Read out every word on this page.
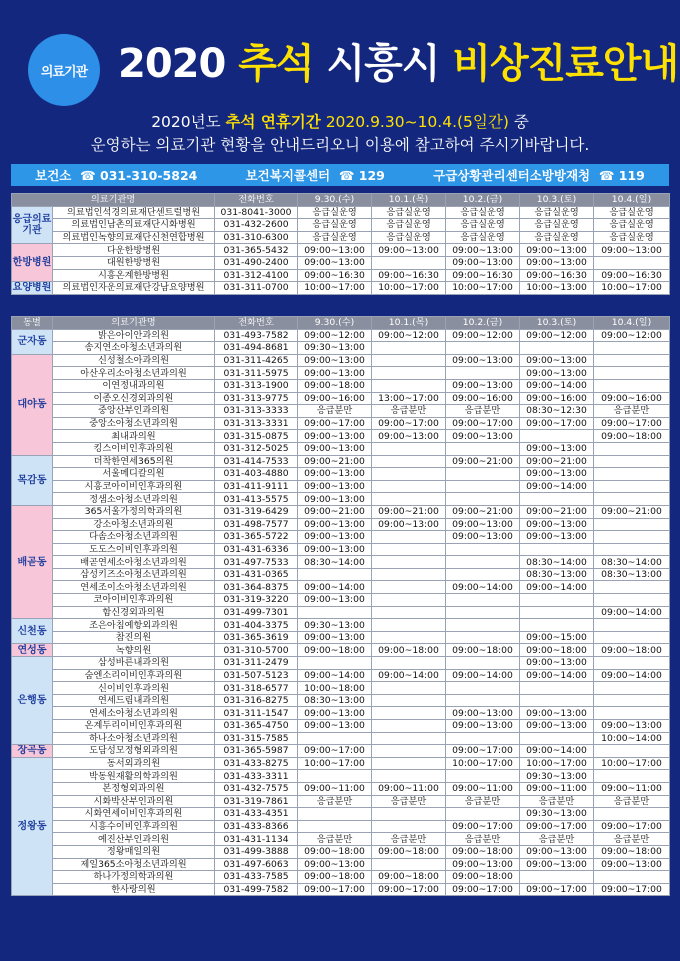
의료기관 2020 추석 시흥시 비상진료안내
2020년도 추석 연휴기간 2020.9.30~10.4.(5일간) 중
운영하는 의료기관 현황을 안내드리오니 이용에 참고하여 주시기바랍니다.
보건소 ☎ 031-310-5824	보건복지콜센터 ☎ 129	구급상황관리센터소방방재청 ☎ 119
의료기관명		전화번호	9.30.(수)	10.1.(목)	10.2.(금)	10.3.(토)	10.4.(일)
응급의료기관	의료법인석경의료재단센트럴병원	031-8041-3000	응급실운영	응급실운영	응급실운영	응급실운영	응급실운영
	의료법인남촌의료재단시화병원	031-432-2600	응급실운영	응급실운영	응급실운영	응급실운영	응급실운영
	의료법인녹향의료재단신천연합병원	031-310-6300	응급실운영	응급실운영	응급실운영	응급실운영	응급실운영
한방병원	다운한방병원	031-365-5432	09:00~13:00	09:00~13:00	09:00~13:00	09:00~13:00	09:00~13:00
	대원한방병원	031-490-2400	09:00~13:00		09:00~13:00	09:00~13:00	
	시흥온계한방병원	031-312-4100	09:00~16:30	09:00~16:30	09:00~16:30	09:00~16:30	09:00~16:30
요양병원	의료법인자운의료재단강남요양병원	031-311-0700	10:00~17:00	10:00~17:00	10:00~17:00	10:00~13:00	10:00~17:00
동별	의료기관명	전화번호	9.30.(수)	10.1.(목)	10.2.(금)	10.3.(토)	10.4.(일)
군자동	밝은아이안과의원	031-493-7582	09:00~12:00	09:00~12:00	09:00~12:00	09:00~12:00	09:00~12:00
	송지연소아청소년과의원	031-494-8681	09:30~13:00				
대야동	신성철소아과의원	031-311-4265	09:00~13:00		09:00~13:00	09:00~13:00	
	아산우리소아청소년과의원	031-311-5975	09:00~13:00			09:00~13:00	
	이연정내과의원	031-313-1900	09:00~18:00		09:00~13:00	09:00~14:00	
	이종오신경외과의원	031-313-9775	09:00~16:00	13:00~17:00	09:00~16:00	09:00~16:00	09:00~16:00
	중앙산부인과의원	031-313-3333	응급분만	응급분만	응급분만	08:30~12:30	응급분만
	중앙소아청소년과의원	031-313-3331	09:00~17:00	09:00~17:00	09:00~17:00	09:00~17:00	09:00~17:00
	최내과의원	031-315-0875	09:00~13:00	09:00~13:00	09:00~13:00		09:00~18:00
	킹스이비인후과의원	031-312-5025	09:00~13:00			09:00~13:00	
목감동	더착한연세365의원	031-414-7533	09:00~21:00		09:00~21:00	09:00~21:00	
	서울메디칼의원	031-403-4880	09:00~13:00			09:00~13:00	
	시흥코아이비인후과의원	031-411-9111	09:00~13:00			09:00~14:00	
	정샘소아청소년과의원	031-413-5575	09:00~13:00				
배곧동	365서울가정의학과의원	031-319-6429	09:00~21:00	09:00~21:00	09:00~21:00	09:00~21:00	09:00~21:00
	강소아청소년과의원	031-498-7577	09:00~13:00	09:00~13:00	09:00~13:00	09:00~13:00	
	다솜소아청소년과의원	031-365-5722	09:00~13:00		09:00~13:00	09:00~13:00	
	도도스이비인후과의원	031-431-6336	09:00~13:00				
	배곧연세소아청소년과의원	031-497-7533	08:30~14:00			08:30~14:00	08:30~14:00
	삼성키즈소아청소년과의원	031-431-0365				08:30~13:00	08:30~13:00
	연세조이소아청소년과의원	031-364-8375	09:00~14:00		09:00~14:00	09:00~14:00	
	코아이비인후과의원	031-319-3220	09:00~13:00				
	함신경외과의원	031-499-7301					09:00~14:00
신천동	조은아침예항외과의원	031-404-3375	09:30~13:00				
	참진의원	031-365-3619	09:00~13:00			09:00~15:00	
연성동	녹향의원	031-310-5700	09:00~18:00	09:00~18:00	09:00~18:00	09:00~18:00	09:00~18:00
은행동	삼성바른내과의원	031-311-2479				09:00~13:00	
	숨엔소리이비인후과의원	031-507-5123	09:00~14:00	09:00~14:00	09:00~14:00	09:00~14:00	09:00~14:00
	신이비인후과의원	031-318-6577	10:00~18:00				
	연세드림내과의원	031-316-8275	08:30~13:00				
	연세소아청소년과의원	031-311-1547	09:00~13:00		09:00~13:00	09:00~13:00	
	온계두리이비인후과의원	031-365-4750	09:00~13:00		09:00~13:00	09:00~13:00	09:00~13:00
	하나소아청소년과의원	031-315-7585					10:00~14:00
장곡동	도담성모정형외과의원	031-365-5987	09:00~17:00		09:00~17:00	09:00~14:00	
정왕동	동서외과의원	031-433-8275	10:00~17:00		10:00~17:00	10:00~17:00	10:00~17:00
	박동원재활의학과의원	031-433-3311				09:30~13:00	
	본정형외과의원	031-432-7575	09:00~11:00	09:00~11:00	09:00~11:00	09:00~11:00	09:00~11:00
	시화박산부인과의원	031-319-7861	응급분만	응급분만	응급분만	응급분만	응급분만
	시화연세이비인후과의원	031-433-4351				09:30~13:00	
	시흥수이비인후과의원	031-433-8366			09:00~17:00	09:00~17:00	09:00~17:00
	예진산부인과의원	031-431-1134	응급분만	응급분만	응급분만	응급분만	응급분만
	정왕매일의원	031-499-3888	09:00~18:00	09:00~18:00	09:00~18:00	09:00~13:00	09:00~18:00
	제일365소아청소년과의원	031-497-6063	09:00~13:00		09:00~13:00	09:00~13:00	09:00~13:00
	하나가정의학과의원	031-433-7585	09:00~18:00	09:00~18:00	09:00~18:00		
	한사랑의원	031-499-7582	09:00~17:00	09:00~17:00	09:00~17:00	09:00~17:00	09:00~17:00
